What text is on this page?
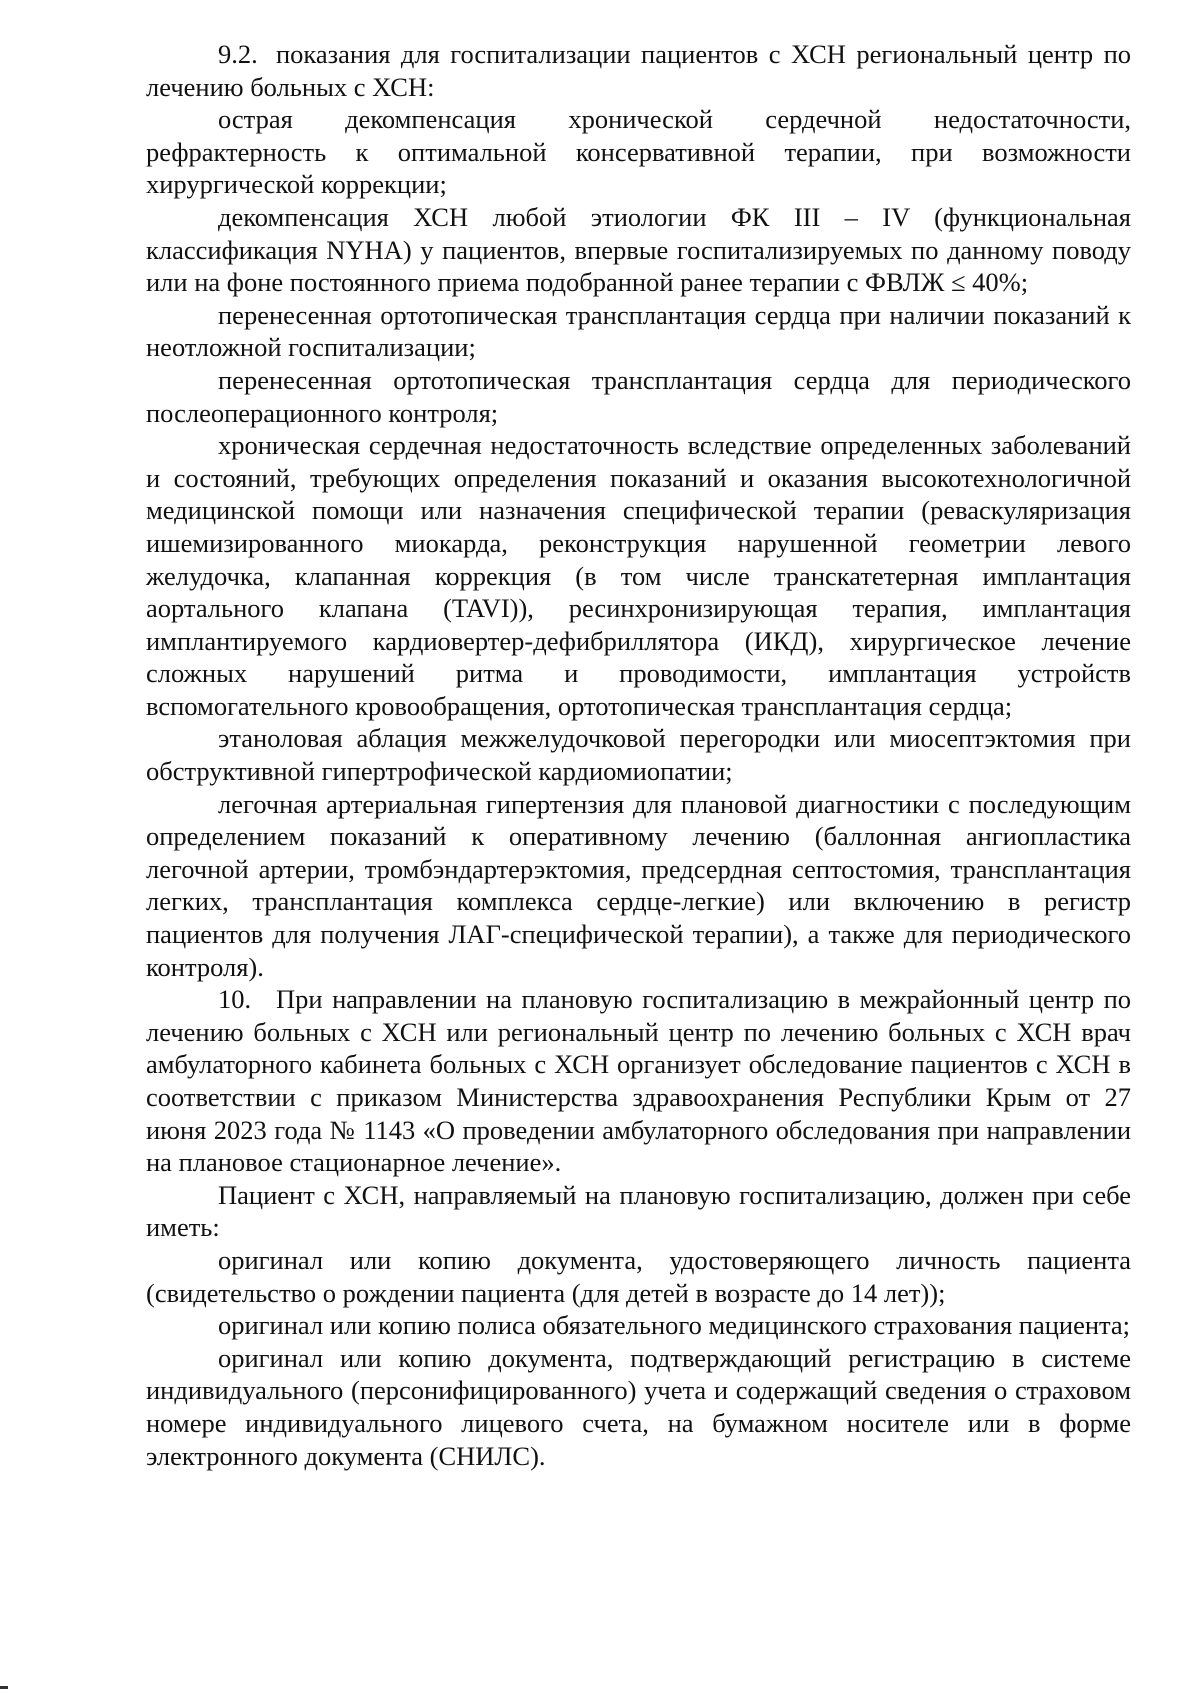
9.2. показания для госпитализации пациентов с ХСН региональный центр по лечению больных с ХСН:

острая декомпенсация хронической сердечной недостаточности, рефрактерность к оптимальной консервативной терапии, при возможности хирургической коррекции;

декомпенсация ХСН любой этиологии ФК III – IV (функциональная классификация NYHA) у пациентов, впервые госпитализируемых по данному поводу или на фоне постоянного приема подобранной ранее терапии с ФВЛЖ ≤ 40%;

перенесенная ортотопическая трансплантация сердца при наличии показаний к неотложной госпитализации;

перенесенная ортотопическая трансплантация сердца для периодического послеоперационного контроля;

хроническая сердечная недостаточность вследствие определенных заболеваний и состояний, требующих определения показаний и оказания высокотехнологичной медицинской помощи или назначения специфической терапии (реваскуляризация ишемизированного миокарда, реконструкция нарушенной геометрии левого желудочка, клапанная коррекция (в том числе транскатетерная имплантация аортального клапана (TAVI)), ресинхронизирующая терапия, имплантация имплантируемого кардиовертер-дефибриллятора (ИКД), хирургическое лечение сложных нарушений ритма и проводимости, имплантация устройств вспомогательного кровообращения, ортотопическая трансплантация сердца;

этаноловая аблация межжелудочковой перегородки или миосептэктомия при обструктивной гипертрофической кардиомиопатии;

легочная артериальная гипертензия для плановой диагностики с последующим определением показаний к оперативному лечению (баллонная ангиопластика легочной артерии, тромбэндартерэктомия, предсердная септостомия, трансплантация легких, трансплантация комплекса сердце-легкие) или включению в регистр пациентов для получения ЛАГ-специфической терапии), а также для периодического контроля).

10. При направлении на плановую госпитализацию в межрайонный центр по лечению больных с ХСН или региональный центр по лечению больных с ХСН врач амбулаторного кабинета больных с ХСН организует обследование пациентов с ХСН в соответствии с приказом Министерства здравоохранения Республики Крым от 27 июня 2023 года № 1143 «О проведении амбулаторного обследования при направлении на плановое стационарное лечение».

Пациент с ХСН, направляемый на плановую госпитализацию, должен при себе иметь:

оригинал или копию документа, удостоверяющего личность пациента (свидетельство о рождении пациента (для детей в возрасте до 14 лет));

оригинал или копию полиса обязательного медицинского страхования пациента;

оригинал или копию документа, подтверждающий регистрацию в системе индивидуального (персонифицированного) учета и содержащий сведения о страховом номере индивидуального лицевого счета, на бумажном носителе или в форме электронного документа (СНИЛС).
